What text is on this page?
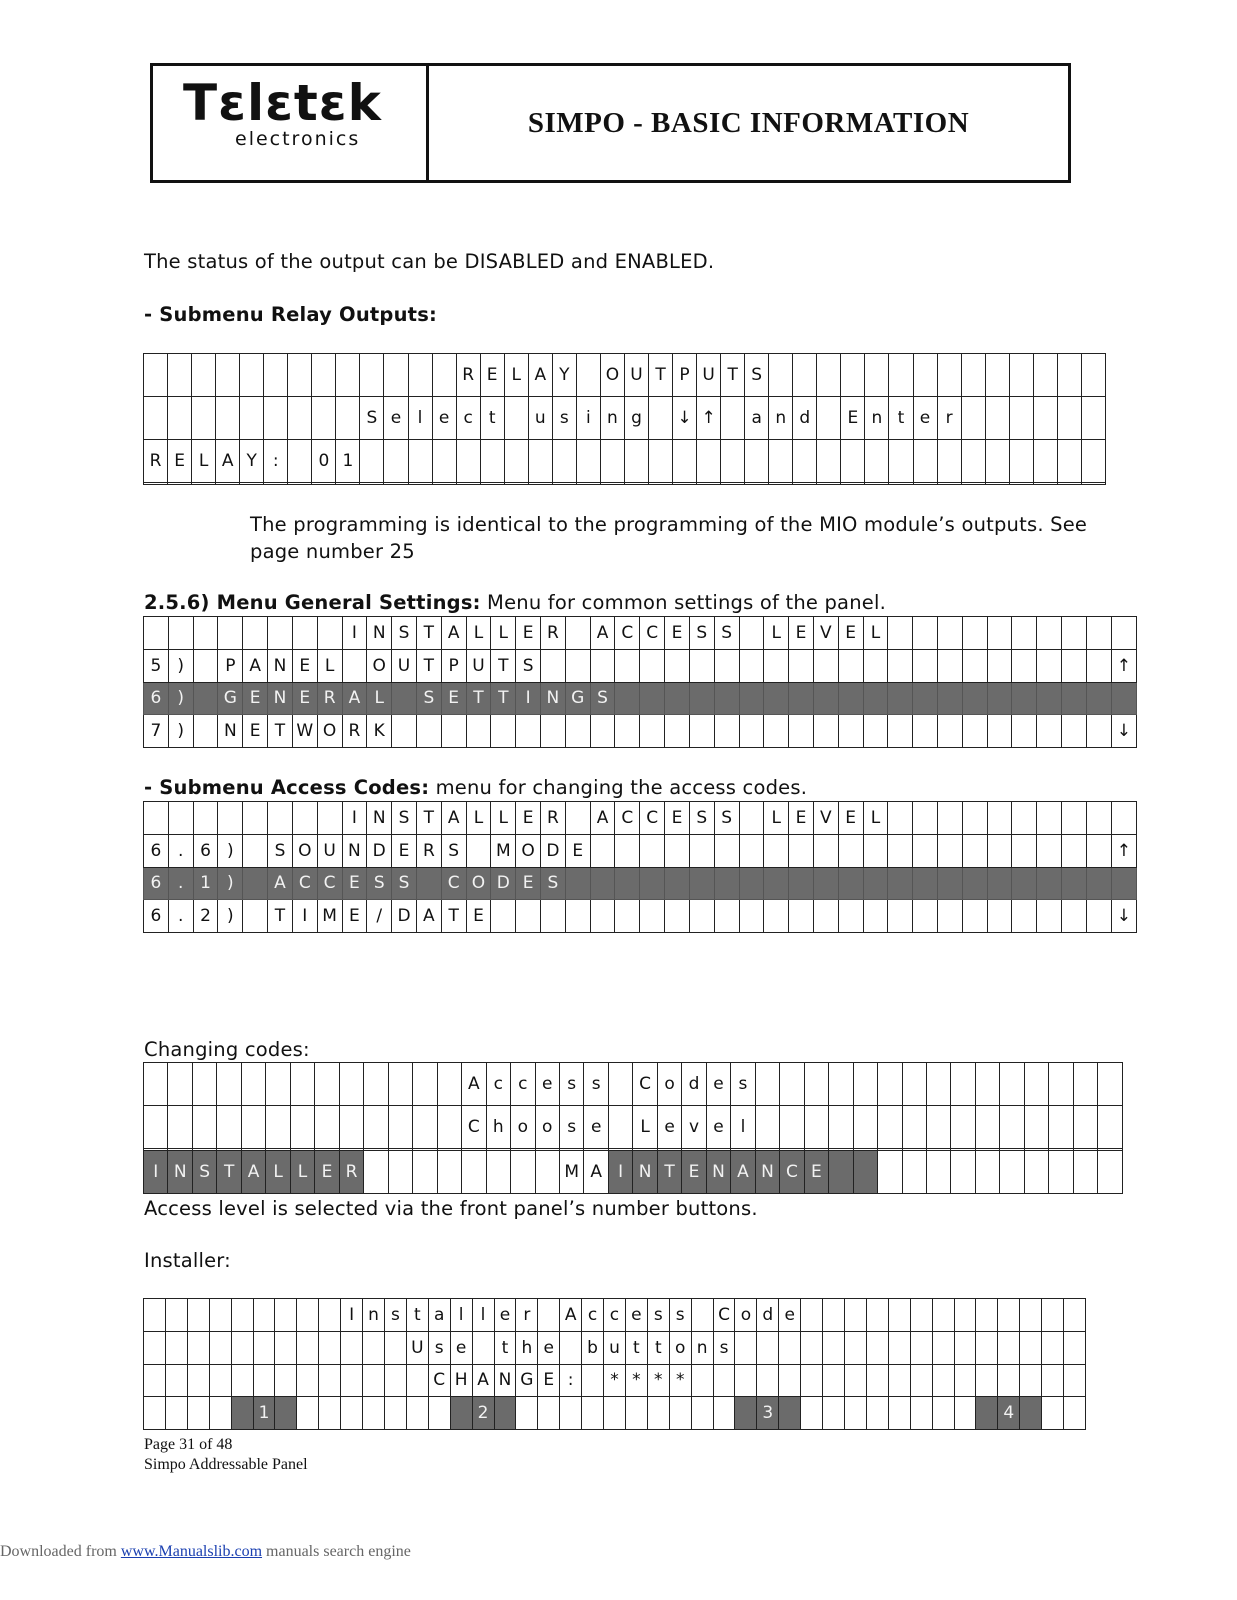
Tεlεtεk
electronics
SIMPO - BASIC INFORMATION
The status of the output can be DISABLED and ENABLED.
- Submenu Relay Outputs:
													R	E	L	A	Y		O	U	T	P	U	T	S														
									S	e	l	e	c	t		u	s	i	n	g		↓	↑		a	n	d		E	n	t	e	r						
R	E	L	A	Y	:		0	1																															

The programming is identical to the programming of the MIO module’s outputs. See
page number 25
2.5.6) Menu General Settings: Menu for common settings of the panel.
								I	N	S	T	A	L	L	E	R		A	C	C	E	S	S		L	E	V	E	L										
5	)		P	A	N	E	L		O	U	T	P	U	T	S																								↑
6	)		G	E	N	E	R	A	L		S	E	T	T	I	N	G	S																					
7	)		N	E	T	W	O	R	K																														↓
- Submenu Access Codes: menu for changing the access codes.
								I	N	S	T	A	L	L	E	R		A	C	C	E	S	S		L	E	V	E	L										
6	.	6	)		S	O	U	N	D	E	R	S		M	O	D	E																						↑
6	.	1	)		A	C	C	E	S	S		C	O	D	E	S																							
6	.	2	)		T	I	M	E	/	D	A	T	E																										↓
Changing codes:
													A	c	c	e	s	s		C	o	d	e	s															
													C	h	o	o	s	e		L	e	v	e	l															

I	N	S	T	A	L	L	E	R									M	A	I	N	T	E	N	A	N	C	E												
Access level is selected via the front panel’s number buttons.
Installer:
									I	n	s	t	a	l	l	e	r		A	c	c	e	s	s		C	o	d	e													
												U	s	e		t	h	e		b	u	t	t	o	n	s																
													C	H	A	N	G	E	:		*	*	*	*																		
					1										2													3											4			
Page 31 of 48
Simpo Addressable Panel
Downloaded from www.Manualslib.com manuals search engine
